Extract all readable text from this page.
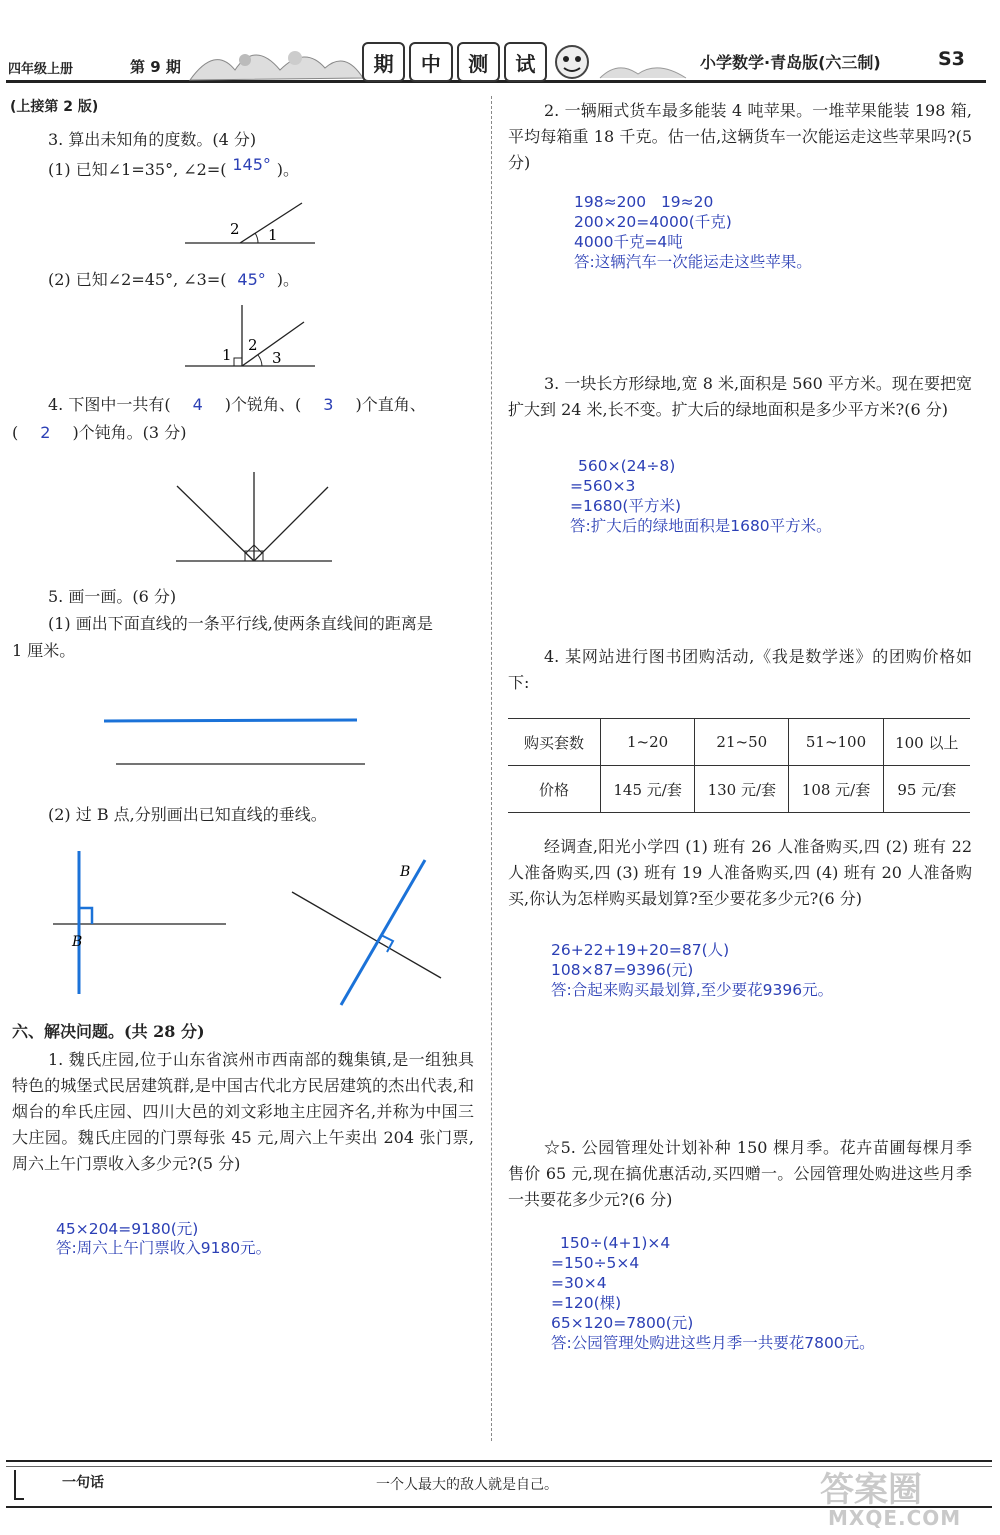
四年级上册	第 9 期	期 中 测 试	小学数学·青岛版(六三制)	S3
(上接第 2 版)
3. 算出未知角的度数。(4 分)
(1) 已知∠1=35°, ∠2=( 145° )。
2 1
(2) 已知∠2=45°, ∠3=( 45° )。
1
2
3
4. 下图中一共有( 4 )个锐角、( 3 )个直角、
( 2 )个钝角。(3 分)
5. 画一画。(6 分)
(1) 画出下面直线的一条平行线,使两条直线间的距离是
1 厘米。
(2) 过 B 点,分别画出已知直线的垂线。
B
B
六、解决问题。(共 28 分)
1. 魏氏庄园,位于山东省滨州市西南部的魏集镇,是一组独具特色的城堡式民居建筑群,是中国古代北方民居建筑的杰出代表,和烟台的牟氏庄园、四川大邑的刘文彩地主庄园齐名,并称为中国三大庄园。魏氏庄园的门票每张 45 元,周六上午卖出 204 张门票,周六上午门票收入多少元?(5 分)
45×204=9180(元)
答:周六上午门票收入9180元。
2. 一辆厢式货车最多能装 4 吨苹果。一堆苹果能装 198 箱,平均每箱重 18 千克。估一估,这辆货车一次能运走这些苹果吗?(5 分)
198≈200   19≈20
200×20=4000(千克)
4000千克=4吨
答:这辆汽车一次能运走这些苹果。
3. 一块长方形绿地,宽 8 米,面积是 560 平方米。现在要把宽扩大到 24 米,长不变。扩大后的绿地面积是多少平方米?(6 分)
560×(24÷8)
=560×3
=1680(平方米)
答:扩大后的绿地面积是1680平方米。
4. 某网站进行图书团购活动,《我是数学迷》的团购价格如下:
购买套数	1~20	21~50	51~100	100 以上
价格	145 元/套	130 元/套	108 元/套	95 元/套
经调查,阳光小学四 (1) 班有 26 人准备购买,四 (2) 班有 22 人准备购买,四 (3) 班有 19 人准备购买,四 (4) 班有 20 人准备购买,你认为怎样购买最划算?至少要花多少元?(6 分)
26+22+19+20=87(人)
108×87=9396(元)
答:合起来购买最划算,至少要花9396元。
☆5. 公园管理处计划补种 150 棵月季。花卉苗圃每棵月季售价 65 元,现在搞优惠活动,买四赠一。公园管理处购进这些月季一共要花多少元?(6 分)
150÷(4+1)×4
=150÷5×4
=30×4
=120(棵)
65×120=7800(元)
答:公园管理处购进这些月季一共要花7800元。
一句话	一个人最大的敌人就是自己。	答案圈
MXQE.COM
